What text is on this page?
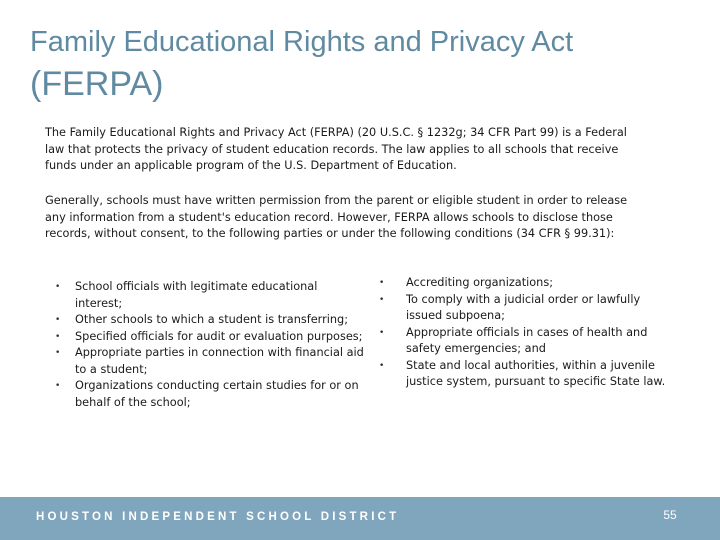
Family Educational Rights and Privacy Act
(FERPA)

The Family Educational Rights and Privacy Act (FERPA) (20 U.S.C. § 1232g; 34 CFR Part 99) is a Federal law that protects the privacy of student education records. The law applies to all schools that receive funds under an applicable program of the U.S. Department of Education.

Generally, schools must have written permission from the parent or eligible student in order to release any information from a student's education record. However, FERPA allows schools to disclose those records, without consent, to the following parties or under the following conditions (34 CFR § 99.31):

• School officials with legitimate educational interest;
• Other schools to which a student is transferring;
• Specified officials for audit or evaluation purposes;
• Appropriate parties in connection with financial aid to a student;
• Organizations conducting certain studies for or on behalf of the school;
• Accrediting organizations;
• To comply with a judicial order or lawfully issued subpoena;
• Appropriate officials in cases of health and safety emergencies; and
• State and local authorities, within a juvenile justice system, pursuant to specific State law.
HOUSTON INDEPENDENT SCHOOL DISTRICT	55
